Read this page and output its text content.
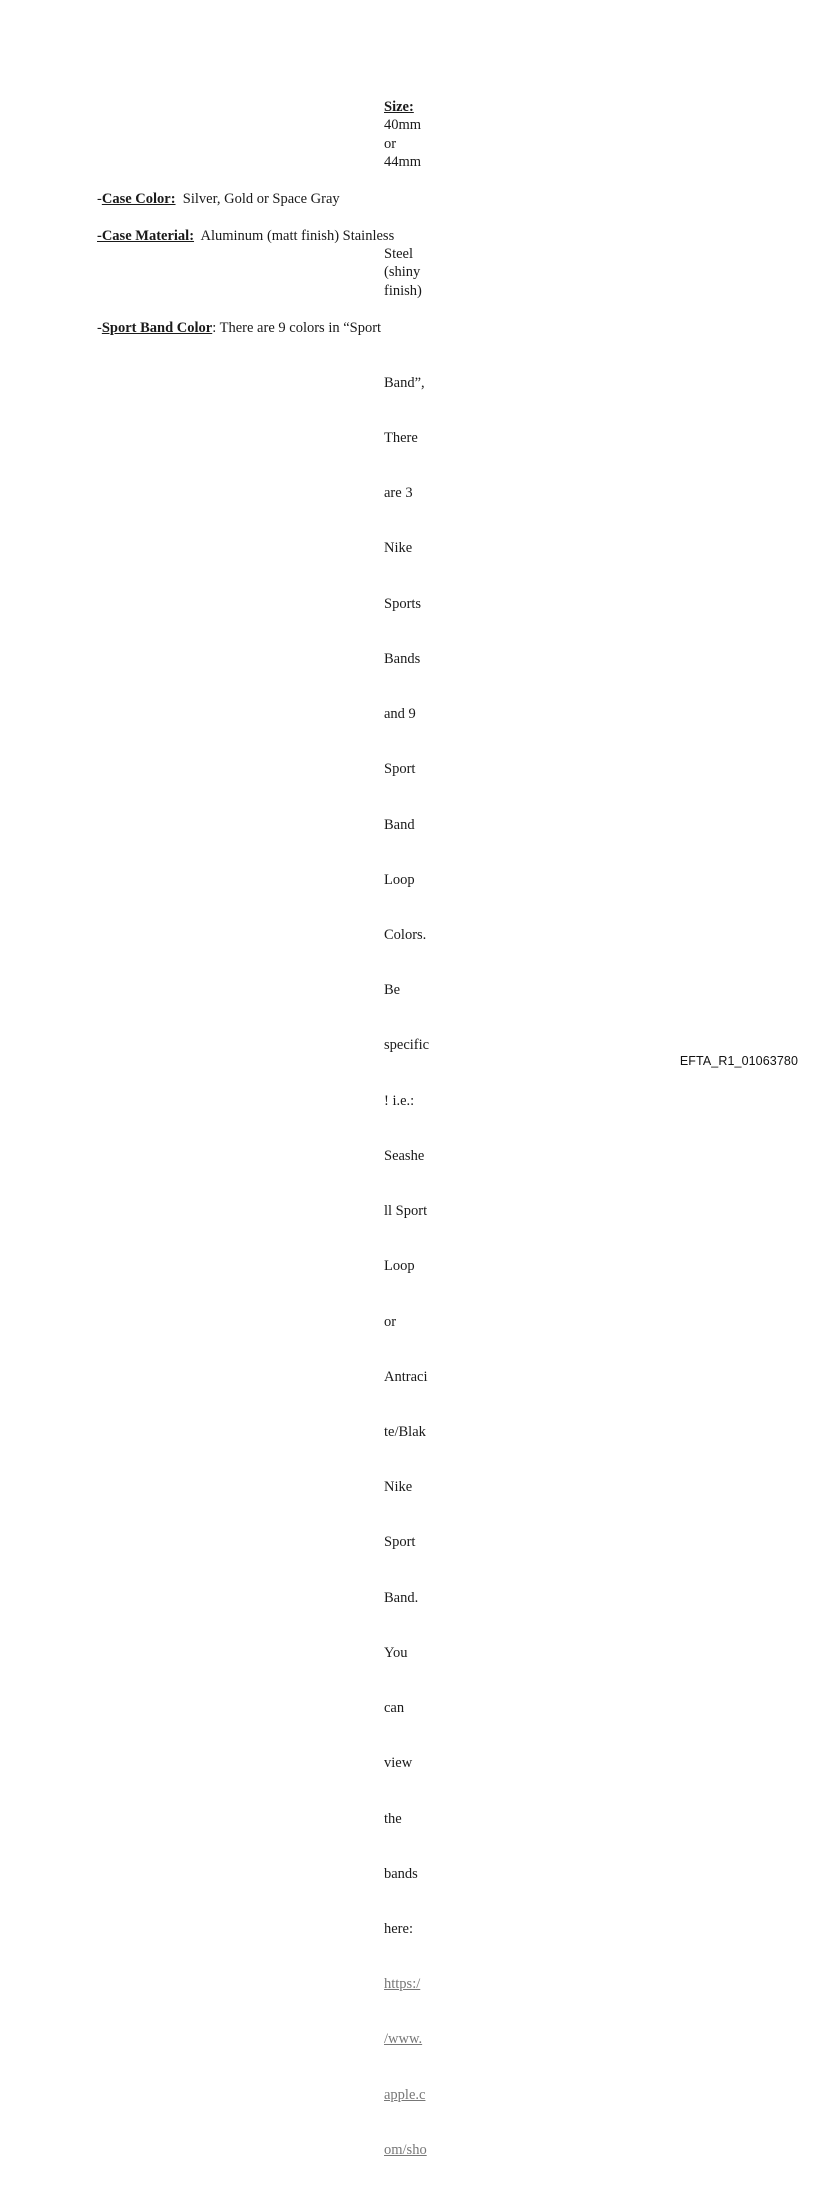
Size:
40mm
or
44mm
-Case Color:  Silver, Gold or Space Gray
-Case Material:  Aluminum (matt finish) Stainless
Steel
(shiny
finish)
-Sport Band Color: There are 9 colors in “Sport

Band”,

There

are 3

Nike

Sports

Bands

and 9

Sport

Band

Loop

Colors.

Be

specific

! i.e.:

Seashe

ll Sport

Loop

or

Antraci

te/Blak

Nike

Sport

Band.

You

can

view

the

bands

here:

https:/

/www.

apple.c

om/sho

EFTA_R1_01063780
